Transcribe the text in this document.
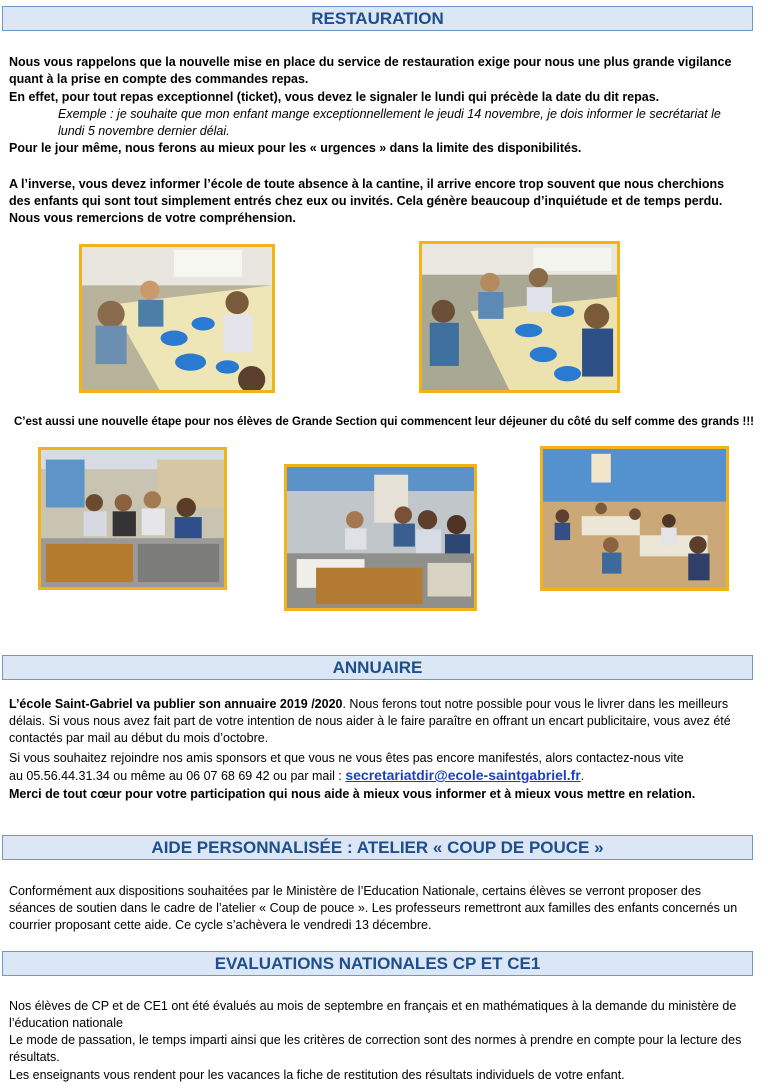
RESTAURATION
Nous vous rappelons que la nouvelle mise en place du service de restauration exige pour nous une plus grande vigilance quant à la prise en compte des commandes repas.
En effet, pour tout repas exceptionnel (ticket), vous devez le signaler le lundi qui précède la date du dit repas.
Exemple : je souhaite que mon enfant mange exceptionnellement le jeudi 14 novembre, je dois informer le secrétariat le lundi 5 novembre dernier délai.
Pour le jour même, nous ferons au mieux pour les « urgences » dans la limite des disponibilités.
A l’inverse, vous devez informer l’école de toute absence à la cantine, il arrive encore trop souvent que nous cherchions des enfants qui sont tout simplement entrés chez eux ou invités. Cela génère beaucoup d’inquiétude et de temps perdu. Nous vous remercions de votre compréhension.
C’est aussi une nouvelle étape pour nos élèves de Grande Section qui commencent leur déjeuner du côté du self comme des grands !!!
ANNUAIRE
L’école Saint-Gabriel va publier son annuaire 2019 /2020. Nous ferons tout notre possible pour vous le livrer dans les meilleurs délais. Si vous nous avez fait part de votre intention de nous aider à le faire paraître en offrant un encart publicitaire, vous avez été contactés par mail au début du mois d’octobre.
Si vous souhaitez rejoindre nos amis sponsors et que vous ne vous êtes pas encore manifestés, alors contactez-nous vite
au 05.56.44.31.34 ou même au 06 07 68 69 42 ou par mail : secretariatdir@ecole-saintgabriel.fr.
Merci de tout cœur pour votre participation qui nous aide à mieux vous informer et à mieux vous mettre en relation.
AIDE PERSONNALISÉE : ATELIER « COUP DE POUCE »
Conformément aux dispositions souhaitées par le Ministère de l’Education Nationale, certains élèves se verront proposer des séances de soutien dans le cadre de l’atelier « Coup de pouce ». Les professeurs remettront aux familles des enfants concernés un courrier proposant cette aide. Ce cycle s’achèvera le vendredi 13 décembre.
EVALUATIONS NATIONALES CP ET CE1
Nos élèves de CP et de CE1 ont été évalués au mois de septembre en français et en mathématiques à la demande du ministère de l’éducation nationale
Le mode de passation, le temps imparti ainsi que les critères de correction sont des normes à prendre en compte pour la lecture des résultats.
Les enseignants vous rendent pour les vacances la fiche de restitution des résultats individuels de votre enfant.
